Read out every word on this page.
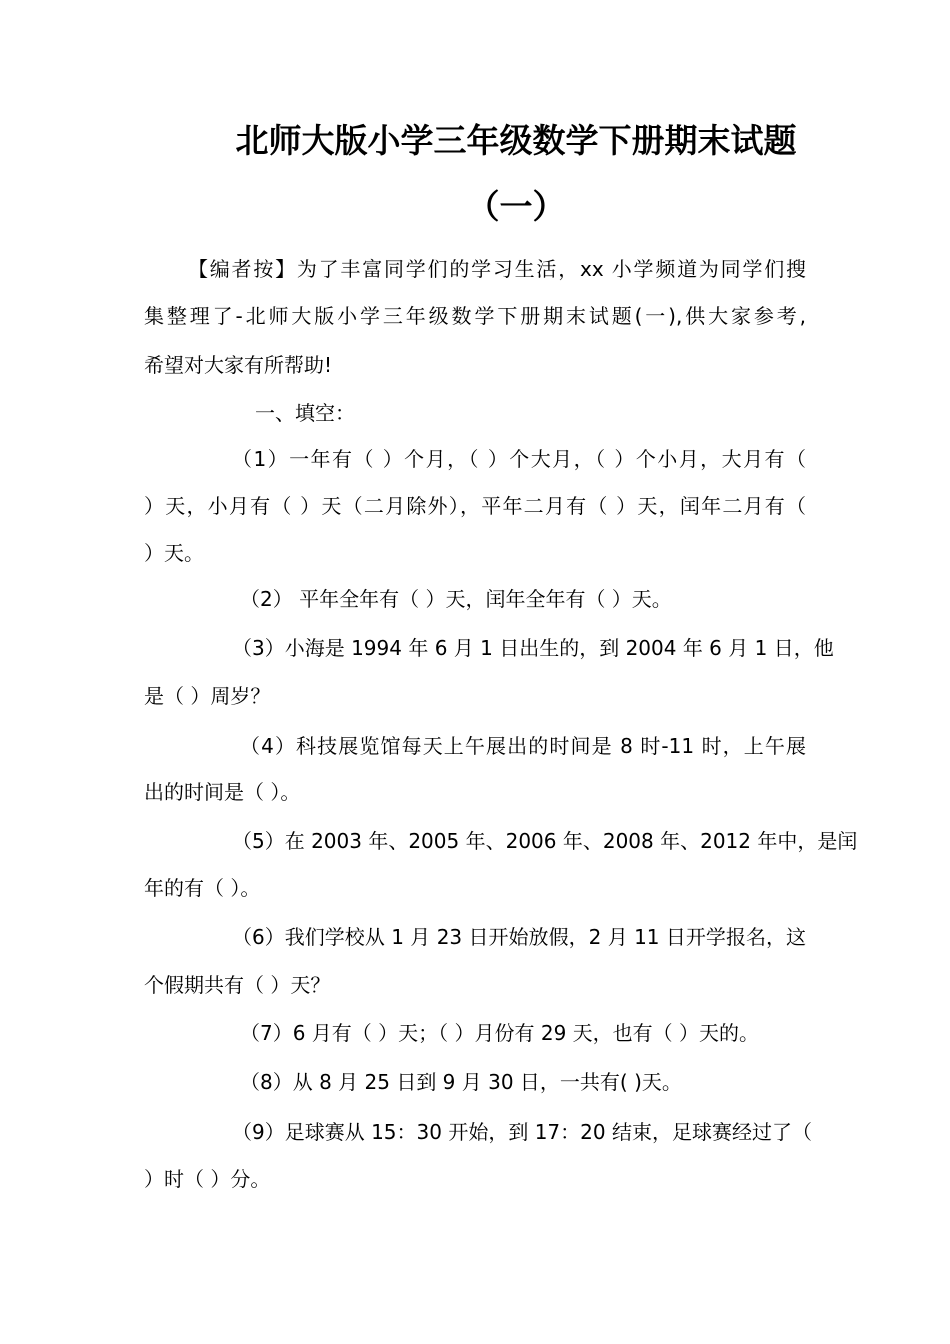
北师大版小学三年级数学下册期末试题
（一）
【编者按】为了丰富同学们的学习生活，xx 小学频道为同学们搜
集整理了-北师大版小学三年级数学下册期末试题(一),供大家参考,
希望对大家有所帮助!
一、填空：
（1）一年有（ ）个月，（ ）个大月，（ ）个小月，大月有（
）天，小月有（ ）天（二月除外），平年二月有（ ）天，闰年二月有（
）天。
（2） 平年全年有（ ）天，闰年全年有（ ）天。
（3）小海是 1994 年 6 月 1 日出生的，到 2004 年 6 月 1 日，他
是（ ）周岁？
（4）科技展览馆每天上午展出的时间是 8 时-11 时，上午展
出的时间是（ ）。
（5）在 2003 年、2005 年、2006 年、2008 年、2012 年中，是闰
年的有（ ）。
（6）我们学校从 1 月 23 日开始放假，2 月 11 日开学报名，这
个假期共有（ ）天？
（7）6 月有（ ）天；（ ）月份有 29 天，也有（ ）天的。
（8）从 8 月 25 日到 9 月 30 日，一共有( )天。
（9）足球赛从 15：30 开始，到 17：20 结束，足球赛经过了（
）时（ ）分。
